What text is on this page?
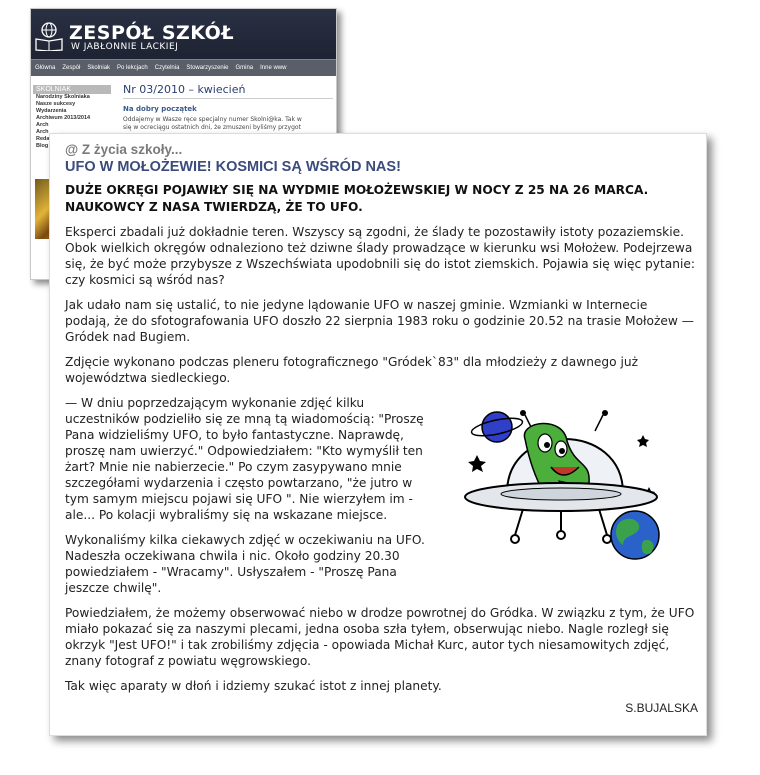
ZESPÓŁ SZKÓŁ
W JABŁONNIE LACKIEJ
Główna Zespół Skolniak Po lekcjach Czytelnia Stowarzyszenie Gmina Inne www
SKOLNIAK
Narodziny Skolniaka
Nasze sukcesy
Wydarzenia
Archiwum 2013/2014
Arch
Arch
Reda
Blog
Nr 03/2010 – kwiecień
Na dobry początek
Oddajemy w Wasze ręce specjalny numer Skolni@ka. Tak w
się w ocreciągu ostatnich dni, że zmuszeni byliśmy przygot
@ Z życia szkoły...
UFO W MOŁOŻEWIE! KOSMICI SĄ WŚRÓD NAS!
DUŻE OKRĘGI POJAWIŁY SIĘ NA WYDMIE MOŁOŻEWSKIEJ W NOCY Z 25 NA 26 MARCA. NAUKOWCY Z NASA TWIERDZĄ, ŻE TO UFO.

Eksperci zbadali już dokładnie teren. Wszyscy są zgodni, że ślady te pozostawiły istoty pozaziemskie. Obok wielkich okręgów odnaleziono też dziwne ślady prowadzące w kierunku wsi Mołożew. Podejrzewa się, że być może przybysze z Wszechświata upodobnili się do istot ziemskich. Pojawia się więc pytanie: czy kosmici są wśród nas?

Jak udało nam się ustalić, to nie jedyne lądowanie UFO w naszej gminie. Wzmianki w Internecie podają, że do sfotografowania UFO doszło 22 sierpnia 1983 roku o godzinie 20.52 na trasie Mołożew — Gródek nad Bugiem.

Zdjęcie wykonano podczas pleneru fotograficznego "Gródek`83" dla młodzieży z dawnego już województwa siedleckiego.

— W dniu poprzedzającym wykonanie zdjęć kilku uczestników podzieliło się ze mną tą wiadomością: "Proszę Pana widzieliśmy UFO, to było fantastyczne. Naprawdę, proszę nam uwierzyć." Odpowiedziałem: "Kto wymyślił ten żart? Mnie nie nabierzecie." Po czym zasypywano mnie szczegółami wydarzenia i często powtarzano, "że jutro w tym samym miejscu pojawi się UFO ". Nie wierzyłem im - ale... Po kolacji wybraliśmy się na wskazane miejsce.

Wykonaliśmy kilka ciekawych zdjęć w oczekiwaniu na UFO. Nadeszła oczekiwana chwila i nic. Około godziny 20.30 powiedziałem - "Wracamy". Usłyszałem - "Proszę Pana jeszcze chwilę".

Powiedziałem, że możemy obserwować niebo w drodze powrotnej do Gródka. W związku z tym, że UFO miało pokazać się za naszymi plecami, jedna osoba szła tyłem, obserwując niebo. Nagle rozległ się okrzyk "Jest UFO!" i tak zrobiliśmy zdjęcia - opowiada Michał Kurc, autor tych niesamowitych zdjęć, znany fotograf z powiatu węgrowskiego.

Tak więc aparaty w dłoń i idziemy szukać istot z innej planety.

S.BUJALSKA
